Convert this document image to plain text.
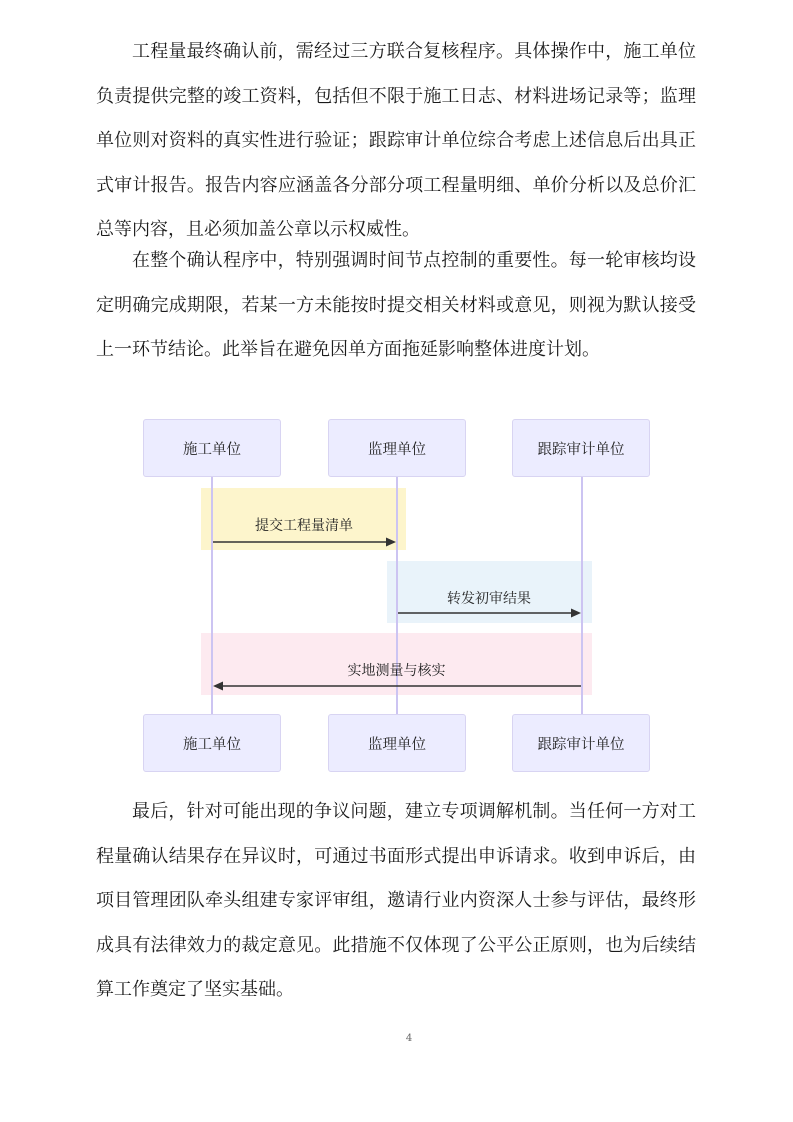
工程量最终确认前，需经过三方联合复核程序。具体操作中，施工单位负责提供完整的竣工资料，包括但不限于施工日志、材料进场记录等；监理单位则对资料的真实性进行验证；跟踪审计单位综合考虑上述信息后出具正式审计报告。报告内容应涵盖各分部分项工程量明细、单价分析以及总价汇总等内容，且必须加盖公章以示权威性。

在整个确认程序中，特别强调时间节点控制的重要性。每一轮审核均设定明确完成期限，若某一方未能按时提交相关材料或意见，则视为默认接受上一环节结论。此举旨在避免因单方面拖延影响整体进度计划。

施工单位	监理单位	跟踪审计单位
施工单位	监理单位	跟踪审计单位
提交工程量清单
转发初审结果
实地测量与核实

最后，针对可能出现的争议问题，建立专项调解机制。当任何一方对工程量确认结果存在异议时，可通过书面形式提出申诉请求。收到申诉后，由项目管理团队牵头组建专家评审组，邀请行业内资深人士参与评估，最终形成具有法律效力的裁定意见。此措施不仅体现了公平公正原则，也为后续结算工作奠定了坚实基础。

4
